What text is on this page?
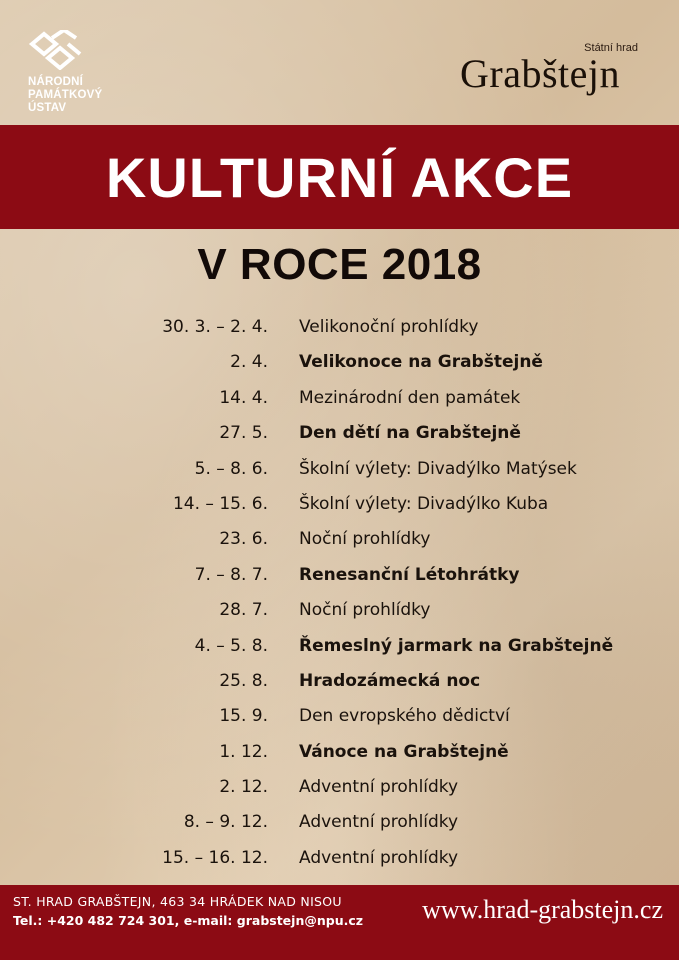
NÁRODNÍ
PAMÁTKOVÝ
ÚSTAV
Státní hrad
Grabštejn
KULTURNÍ AKCE
V ROCE 2018
30. 3. – 2. 4. Velikonoční prohlídky
2. 4. Velikonoce na Grabštejně
14. 4. Mezinárodní den památek
27. 5. Den dětí na Grabštejně
5. – 8. 6. Školní výlety: Divadýlko Matýsek
14. – 15. 6. Školní výlety: Divadýlko Kuba
23. 6. Noční prohlídky
7. – 8. 7. Renesanční Létohrátky
28. 7. Noční prohlídky
4. – 5. 8. Řemeslný jarmark na Grabštejně
25. 8. Hradozámecká noc
15. 9. Den evropského dědictví
1. 12. Vánoce na Grabštejně
2. 12. Adventní prohlídky
8. – 9. 12. Adventní prohlídky
15. – 16. 12. Adventní prohlídky
ST. HRAD GRABŠTEJN, 463 34 HRÁDEK NAD NISOU
Tel.: +420 482 724 301, e-mail: grabstejn@npu.cz www.hrad-grabstejn.cz
